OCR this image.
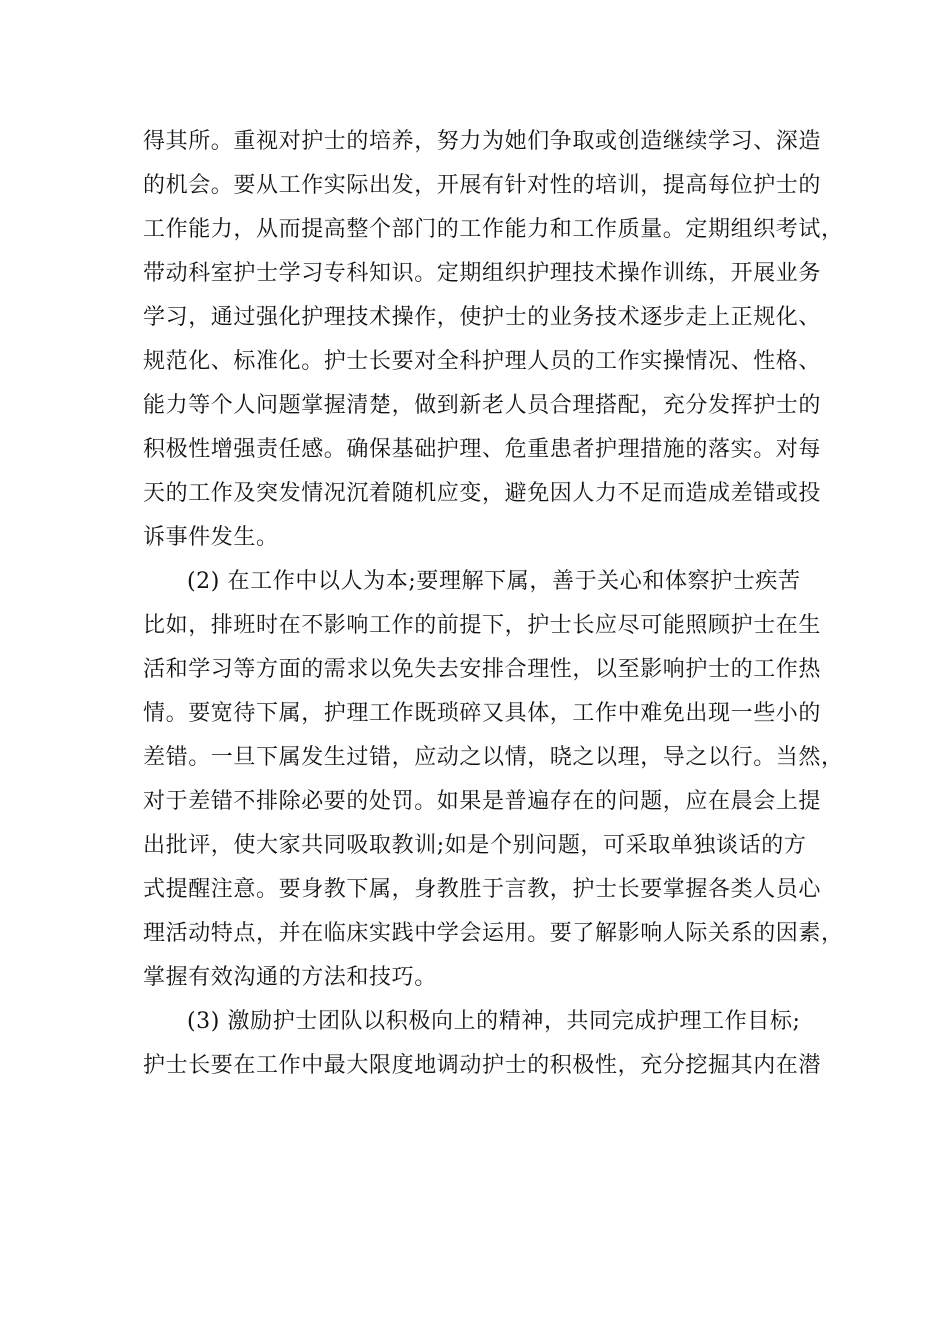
得其所。重视对护士的培养，努力为她们争取或创造继续学习、深造
的机会。要从工作实际出发，开展有针对性的培训，提高每位护士的
工作能力，从而提高整个部门的工作能力和工作质量。定期组织考试，
带动科室护士学习专科知识。定期组织护理技术操作训练，开展业务
学习，通过强化护理技术操作，使护士的业务技术逐步走上正规化、
规范化、标准化。护士长要对全科护理人员的工作实操情况、性格、
能力等个人问题掌握清楚，做到新老人员合理搭配，充分发挥护士的
积极性增强责任感。确保基础护理、危重患者护理措施的落实。对每
天的工作及突发情况沉着随机应变，避免因人力不足而造成差错或投
诉事件发生。
(2) 在工作中以人为本;要理解下属，善于关心和体察护士疾苦
比如，排班时在不影响工作的前提下，护士长应尽可能照顾护士在生
活和学习等方面的需求以免失去安排合理性，以至影响护士的工作热
情。要宽待下属，护理工作既琐碎又具体，工作中难免出现一些小的
差错。一旦下属发生过错，应动之以情，晓之以理，导之以行。当然，
对于差错不排除必要的处罚。如果是普遍存在的问题，应在晨会上提
出批评，使大家共同吸取教训;如是个别问题，可采取单独谈话的方
式提醒注意。要身教下属，身教胜于言教，护士长要掌握各类人员心
理活动特点，并在临床实践中学会运用。要了解影响人际关系的因素，
掌握有效沟通的方法和技巧。
(3) 激励护士团队以积极向上的精神，共同完成护理工作目标;
护士长要在工作中最大限度地调动护士的积极性，充分挖掘其内在潜
